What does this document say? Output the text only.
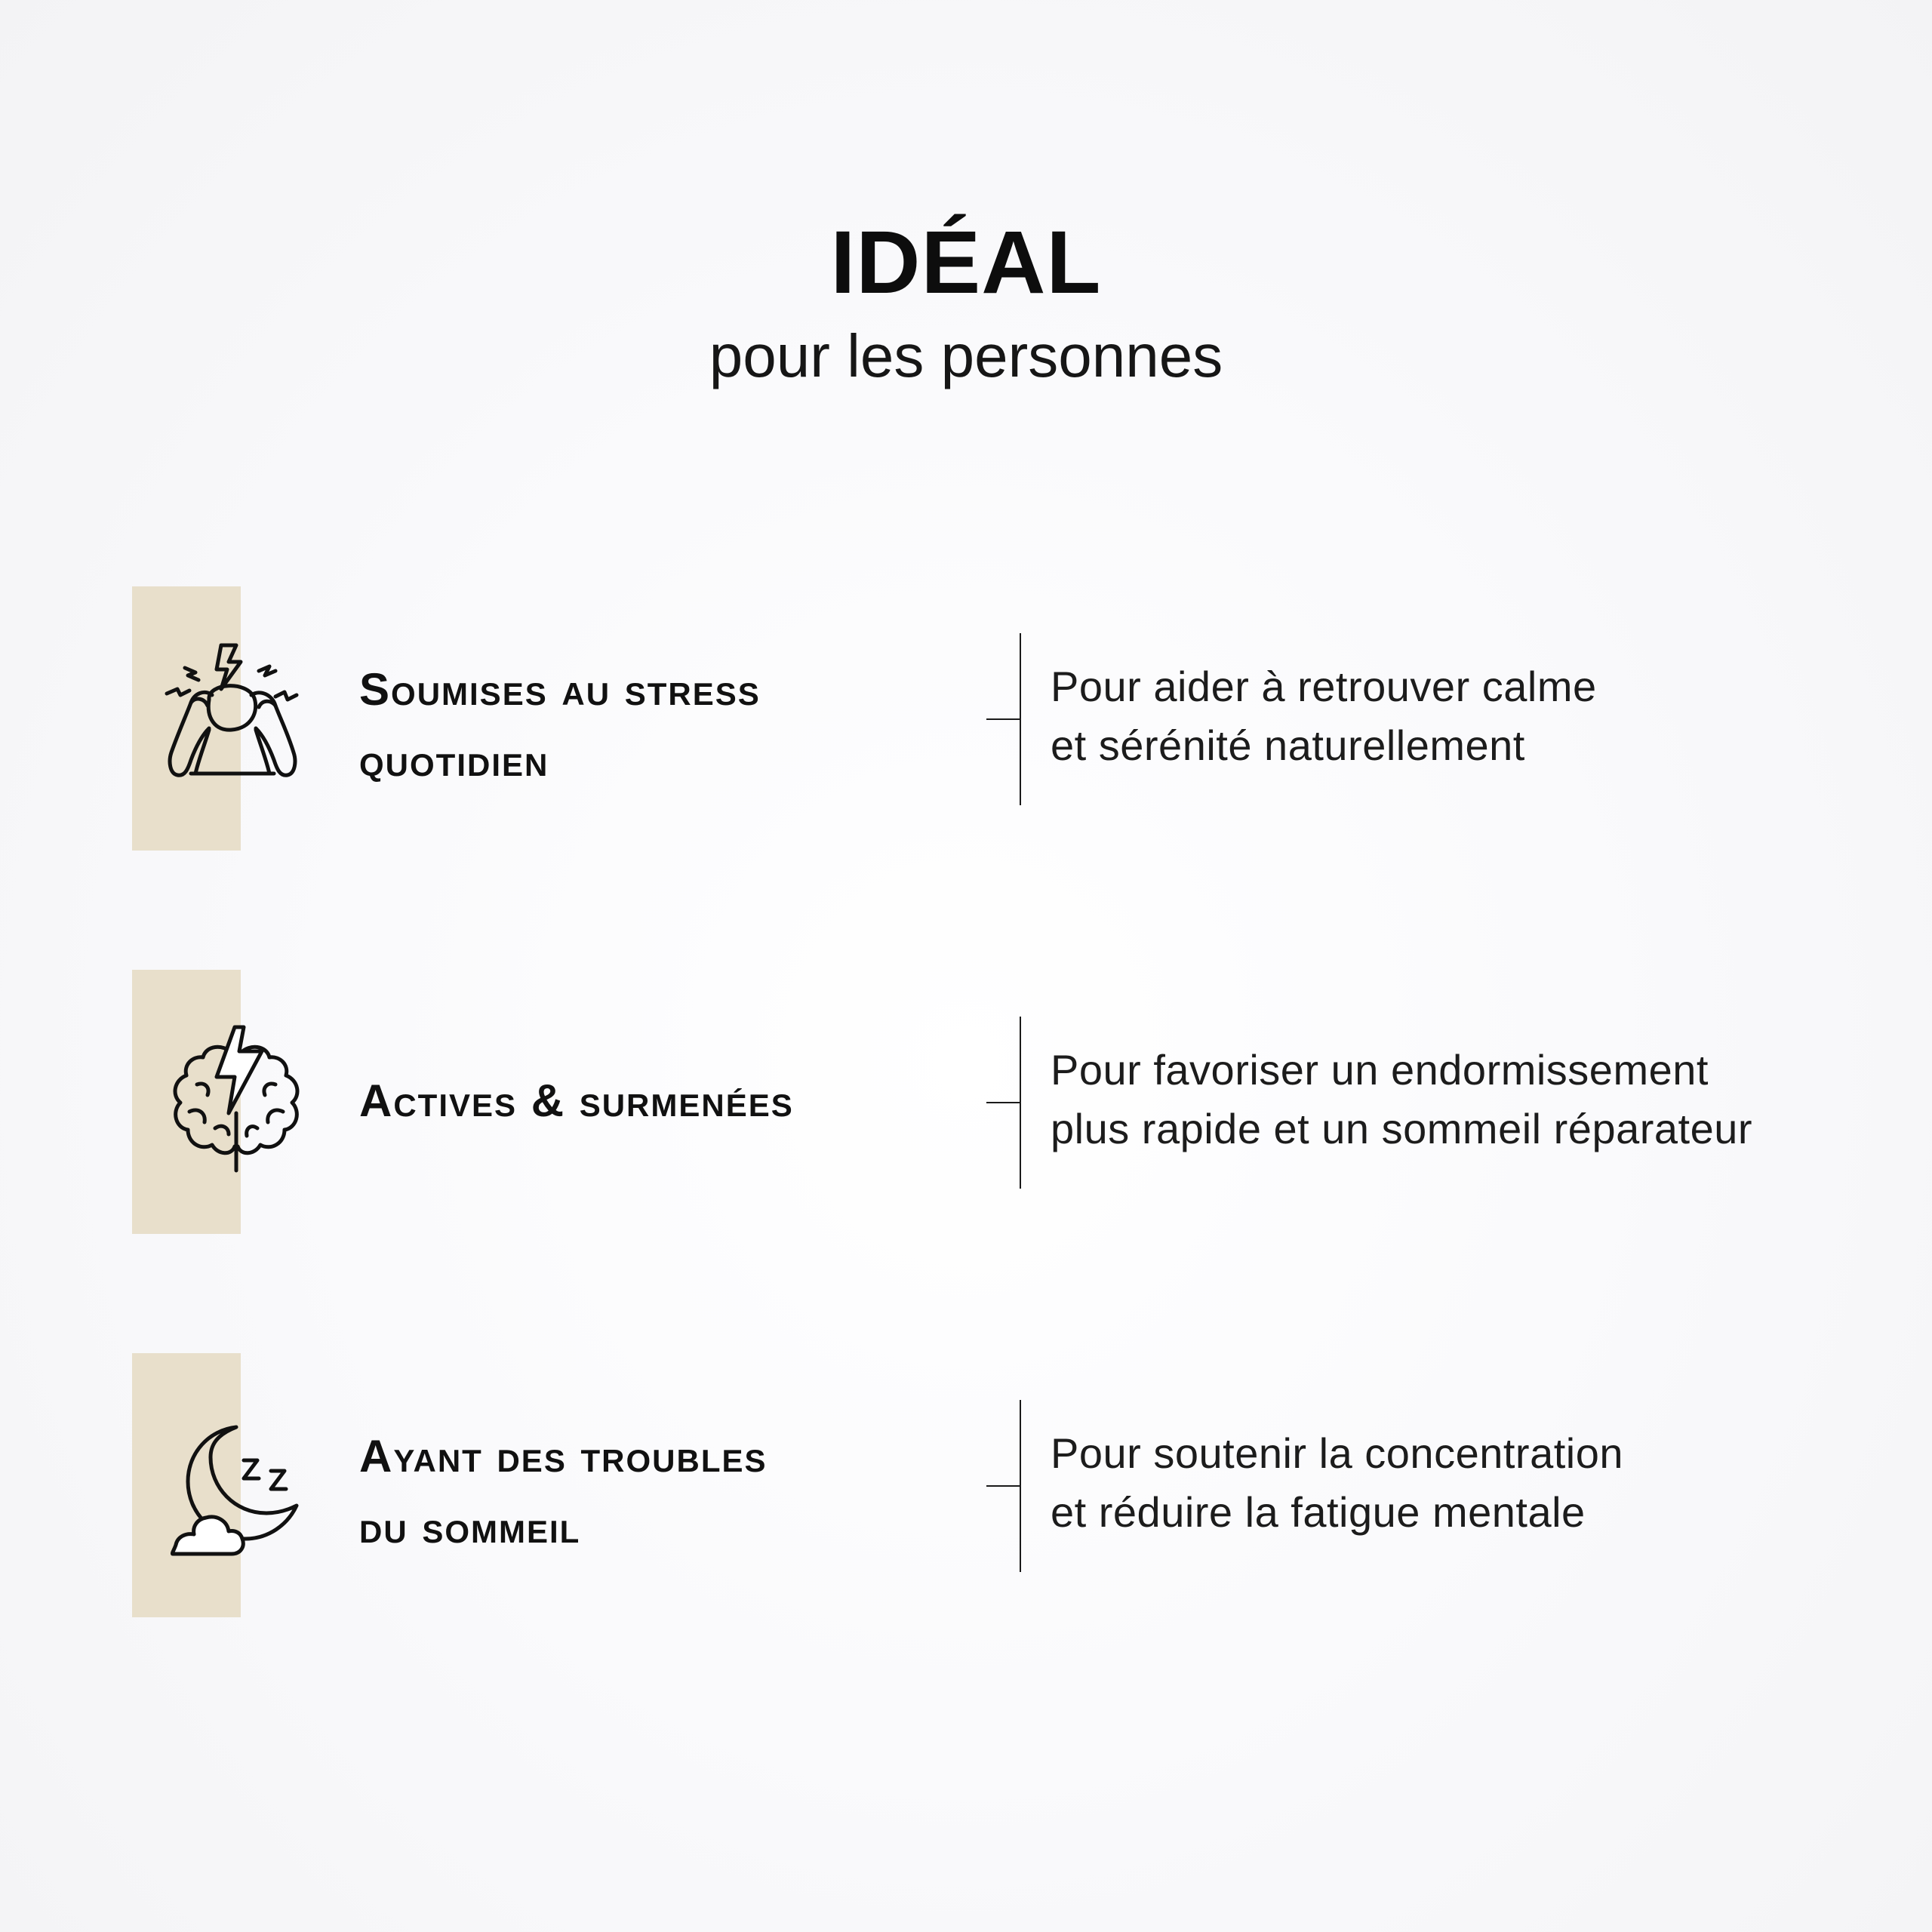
IDÉAL
pour les personnes
Soumises au stress
quotidien
Pour aider à retrouver calme
et sérénité naturellement
Actives & surmenées
Pour favoriser un endormissement
plus rapide et un sommeil réparateur
Ayant des troubles
du sommeil
Pour soutenir la concentration
et réduire la fatigue mentale
